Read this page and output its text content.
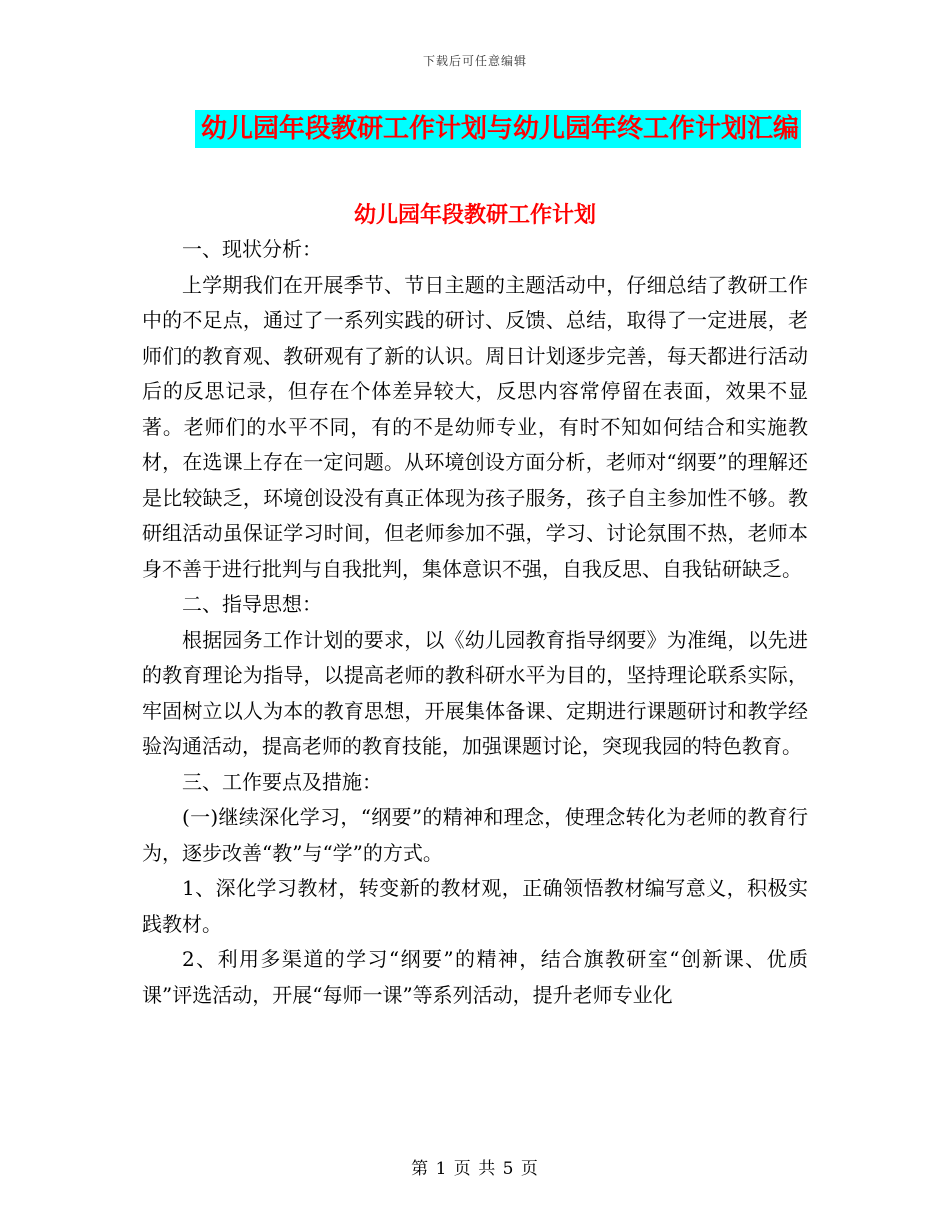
下载后可任意编辑
幼儿园年段教研工作计划与幼儿园年终工作计划汇编
幼儿园年段教研工作计划

一、现状分析：

上学期我们在开展季节、节日主题的主题活动中，仔细总结了教研工作中的不足点，通过了一系列实践的研讨、反馈、总结，取得了一定进展，老师们的教育观、教研观有了新的认识。周日计划逐步完善，每天都进行活动后的反思记录，但存在个体差异较大，反思内容常停留在表面，效果不显著。老师们的水平不同，有的不是幼师专业，有时不知如何结合和实施教材，在选课上存在一定问题。从环境创设方面分析，老师对“纲要”的理解还是比较缺乏，环境创设没有真正体现为孩子服务，孩子自主参加性不够。教研组活动虽保证学习时间，但老师参加不强，学习、讨论氛围不热，老师本身不善于进行批判与自我批判，集体意识不强，自我反思、自我钻研缺乏。

二、指导思想：

根据园务工作计划的要求，以《幼儿园教育指导纲要》为准绳，以先进的教育理论为指导，以提高老师的教科研水平为目的，坚持理论联系实际，牢固树立以人为本的教育思想，开展集体备课、定期进行课题研讨和教学经验沟通活动，提高老师的教育技能，加强课题讨论，突现我园的特色教育。

三、工作要点及措施：

(一)继续深化学习，“纲要”的精神和理念，使理念转化为老师的教育行为，逐步改善“教”与“学”的方式。

1、深化学习教材，转变新的教材观，正确领悟教材编写意义，积极实践教材。

2、利用多渠道的学习“纲要”的精神，结合旗教研室“创新课、优质课”评选活动，开展“每师一课”等系列活动，提升老师专业化

第 1 页 共 5 页
